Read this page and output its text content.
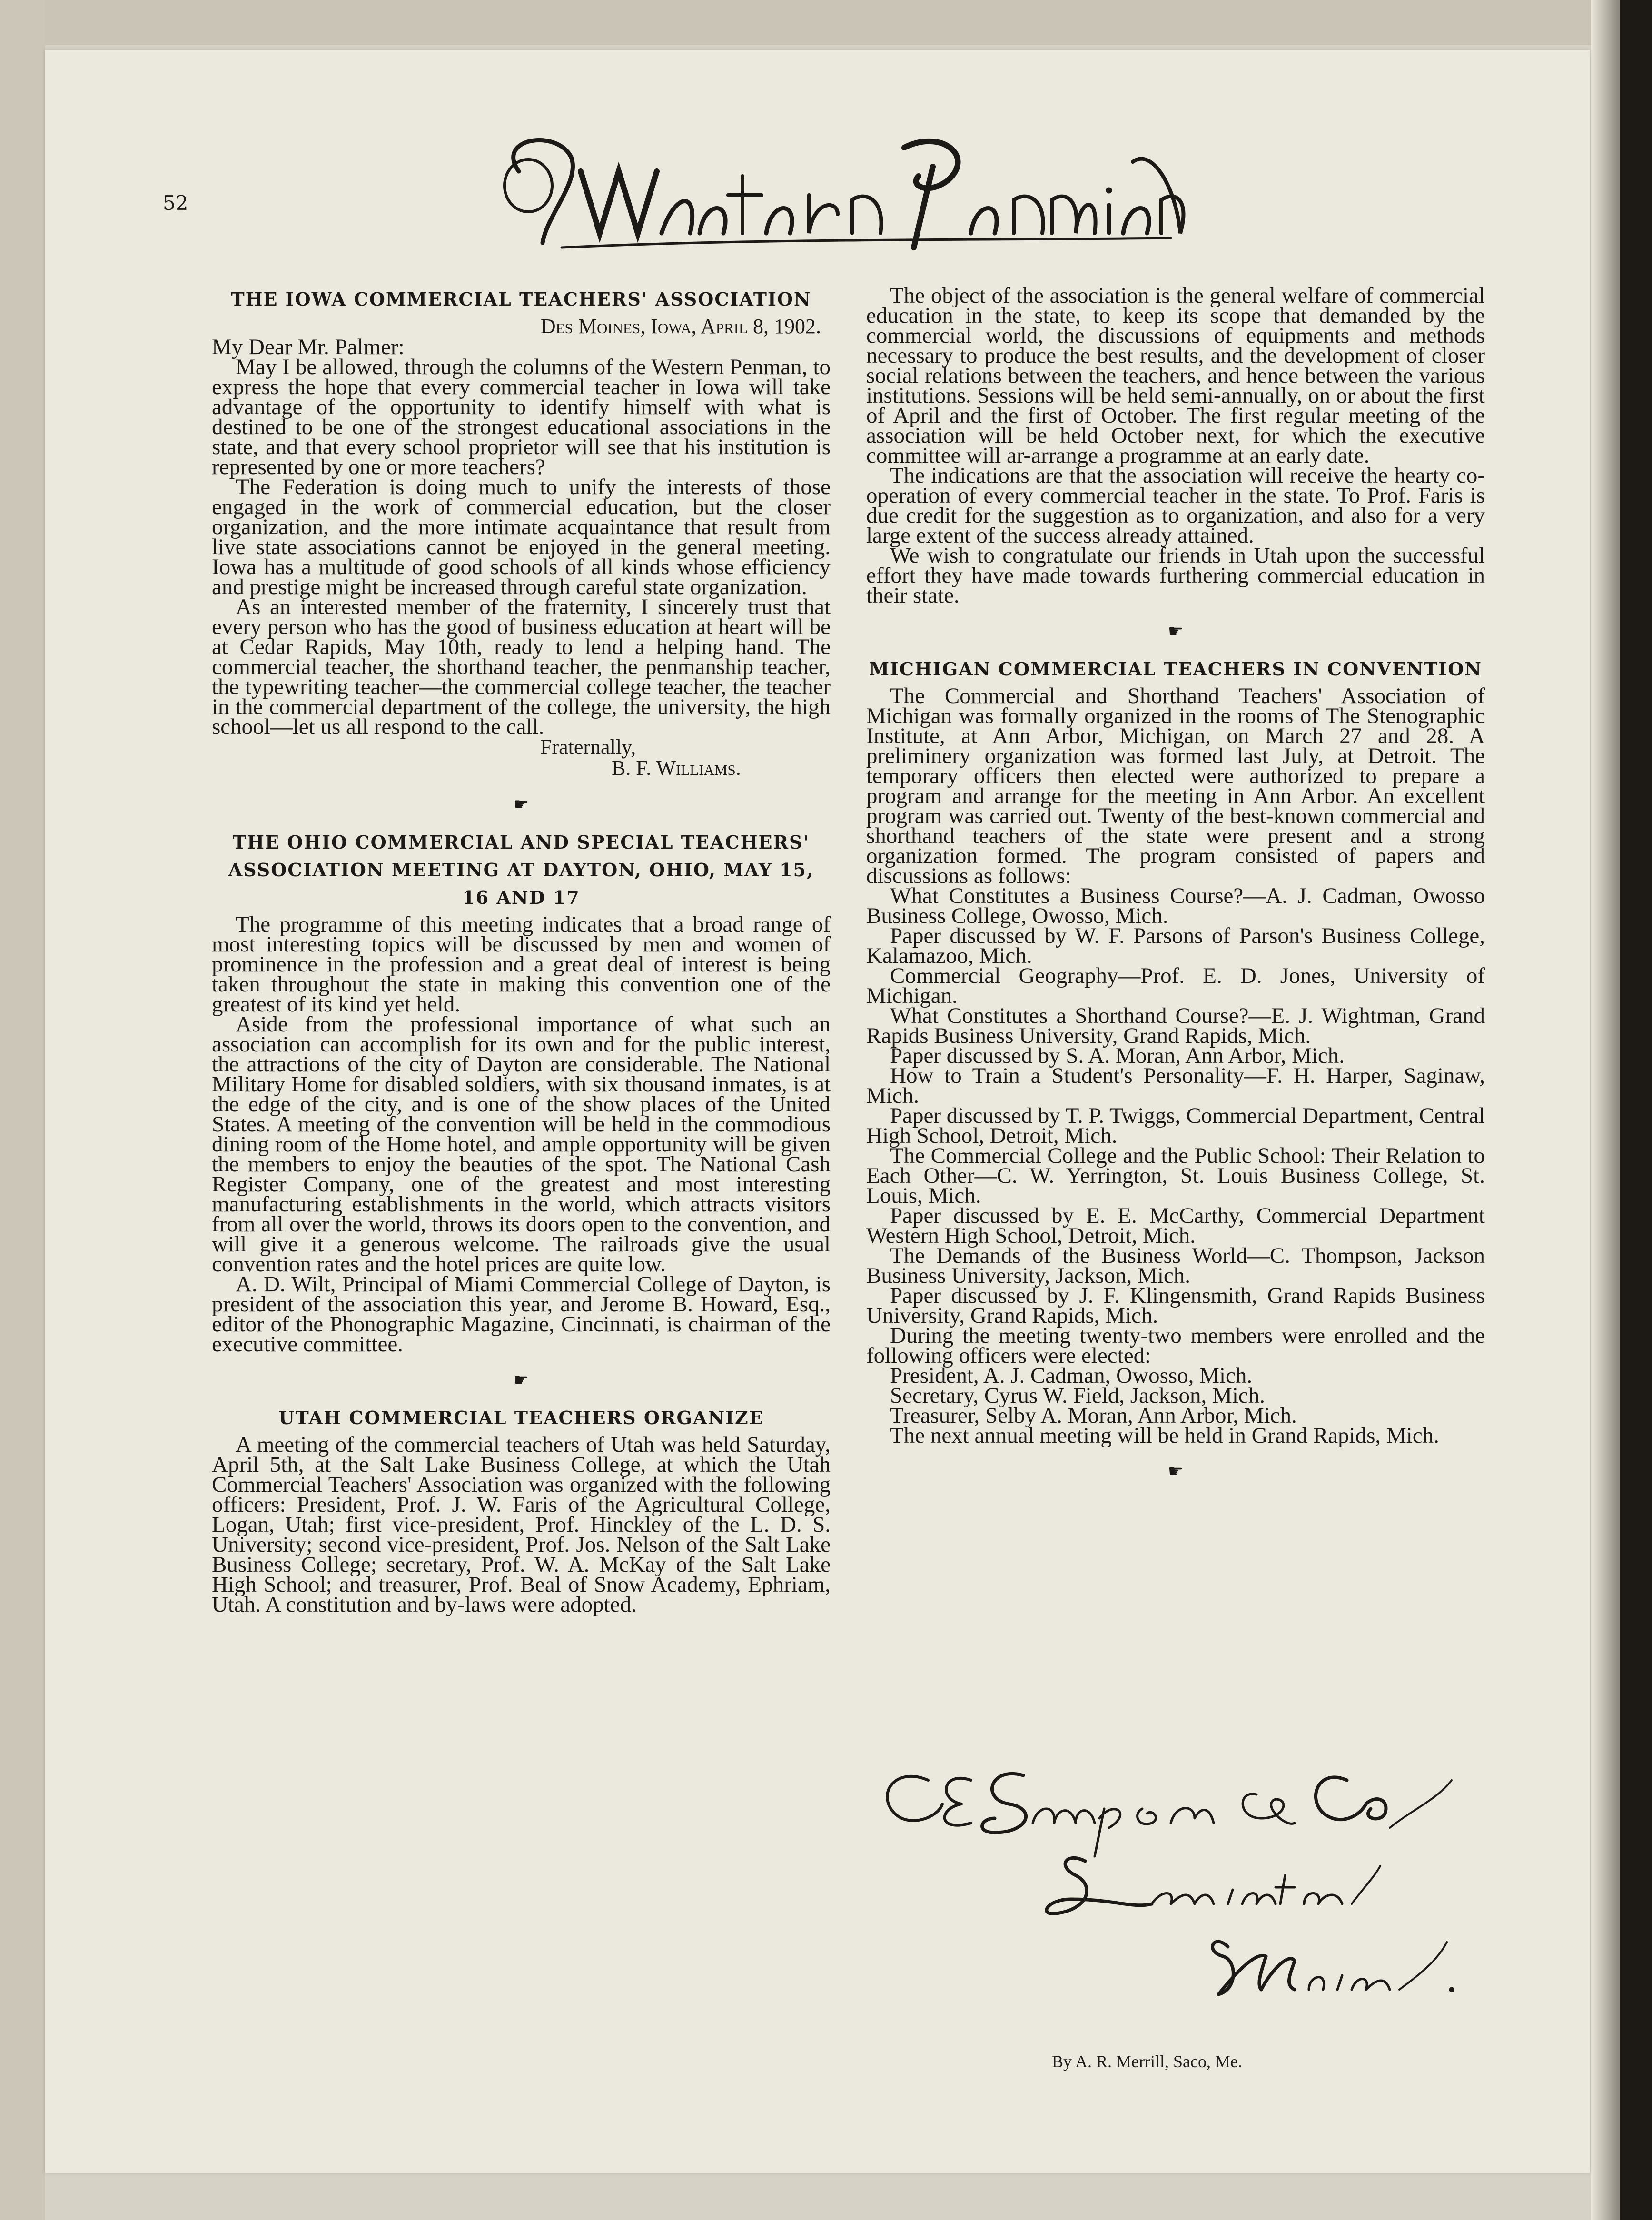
52
THE IOWA COMMERCIAL TEACHERS' ASSOCIATION

Des Moines, Iowa, April 8, 1902.

My Dear Mr. Palmer:

May I be allowed, through the columns of the Western Penman, to express the hope that every commercial teacher in Iowa will take advantage of the opportunity to identify himself with what is destined to be one of the strongest educational associations in the state, and that every school proprietor will see that his institution is represented by one or more teachers?

The Federation is doing much to unify the interests of those engaged in the work of commercial education, but the closer organization, and the more intimate acquaintance that result from live state associations cannot be enjoyed in the general meeting. Iowa has a multitude of good schools of all kinds whose efficiency and prestige might be increased through careful state organization.

As an interested member of the fraternity, I sincerely trust that every person who has the good of business education at heart will be at Cedar Rapids, May 10th, ready to lend a helping hand. The commercial teacher, the shorthand teacher, the penmanship teacher, the typewriting teacher—the commercial college teacher, the teacher in the commercial department of the college, the university, the high school—let us all respond to the call.

Fraternally,

B. F. Williams.

☛
THE OHIO COMMERCIAL AND SPECIAL TEACHERS' ASSOCIATION MEETING AT DAYTON, OHIO, MAY 15, 16 AND 17

The programme of this meeting indicates that a broad range of most interesting topics will be discussed by men and women of prominence in the profession and a great deal of interest is being taken throughout the state in making this convention one of the greatest of its kind yet held.

Aside from the professional importance of what such an association can accomplish for its own and for the public interest, the attractions of the city of Dayton are considerable. The National Military Home for disabled soldiers, with six thousand inmates, is at the edge of the city, and is one of the show places of the United States. A meeting of the convention will be held in the commodious dining room of the Home hotel, and ample opportunity will be given the members to enjoy the beauties of the spot. The National Cash Register Company, one of the greatest and most interesting manufacturing establishments in the world, which attracts visitors from all over the world, throws its doors open to the convention, and will give it a generous welcome. The railroads give the usual convention rates and the hotel prices are quite low.

A. D. Wilt, Principal of Miami Commercial College of Dayton, is president of the association this year, and Jerome B. Howard, Esq., editor of the Phonographic Magazine, Cincinnati, is chairman of the executive committee.

☛
UTAH COMMERCIAL TEACHERS ORGANIZE

A meeting of the commercial teachers of Utah was held Saturday, April 5th, at the Salt Lake Business College, at which the Utah Commercial Teachers' Association was organized with the following officers: President, Prof. J. W. Faris of the Agricultural College, Logan, Utah; first vice-president, Prof. Hinckley of the L. D. S. University; second vice-president, Prof. Jos. Nelson of the Salt Lake Business College; secretary, Prof. W. A. McKay of the Salt Lake High School; and treasurer, Prof. Beal of Snow Academy, Ephriam, Utah. A constitution and by-laws were adopted.

The object of the association is the general welfare of commercial education in the state, to keep its scope that demanded by the commercial world, the discussions of equipments and methods necessary to produce the best results, and the development of closer social relations between the teachers, and hence between the various institutions. Sessions will be held semi-annually, on or about the first of April and the first of October. The first regular meeting of the association will be held October next, for which the executive committee will ar-arrange a programme at an early date.

The indications are that the association will receive the hearty co-operation of every commercial teacher in the state. To Prof. Faris is due credit for the suggestion as to organization, and also for a very large extent of the success already attained.

We wish to congratulate our friends in Utah upon the successful effort they have made towards furthering commercial education in their state.

☛
MICHIGAN COMMERCIAL TEACHERS IN CONVENTION

The Commercial and Shorthand Teachers' Association of Michigan was formally organized in the rooms of The Stenographic Institute, at Ann Arbor, Michigan, on March 27 and 28. A preliminery organization was formed last July, at Detroit. The temporary officers then elected were authorized to prepare a program and arrange for the meeting in Ann Arbor. An excellent program was carried out. Twenty of the best-known commercial and shorthand teachers of the state were present and a strong organization formed. The program consisted of papers and discussions as follows:

What Constitutes a Business Course?—A. J. Cadman, Owosso Business College, Owosso, Mich.

Paper discussed by W. F. Parsons of Parson's Business College, Kalamazoo, Mich.

Commercial Geography—Prof. E. D. Jones, University of Michigan.

What Constitutes a Shorthand Course?—E. J. Wightman, Grand Rapids Business University, Grand Rapids, Mich.

Paper discussed by S. A. Moran, Ann Arbor, Mich.

How to Train a Student's Personality—F. H. Harper, Saginaw, Mich.

Paper discussed by T. P. Twiggs, Commercial Department, Central High School, Detroit, Mich.

The Commercial College and the Public School: Their Relation to Each Other—C. W. Yerrington, St. Louis Business College, St. Louis, Mich.

Paper discussed by E. E. McCarthy, Commercial Department Western High School, Detroit, Mich.

The Demands of the Business World—C. Thompson, Jackson Business University, Jackson, Mich.

Paper discussed by J. F. Klingensmith, Grand Rapids Business University, Grand Rapids, Mich.

During the meeting twenty-two members were enrolled and the following officers were elected:

President, A. J. Cadman, Owosso, Mich.

Secretary, Cyrus W. Field, Jackson, Mich.

Treasurer, Selby A. Moran, Ann Arbor, Mich.

The next annual meeting will be held in Grand Rapids, Mich.

☛
By A. R. Merrill, Saco, Me.
